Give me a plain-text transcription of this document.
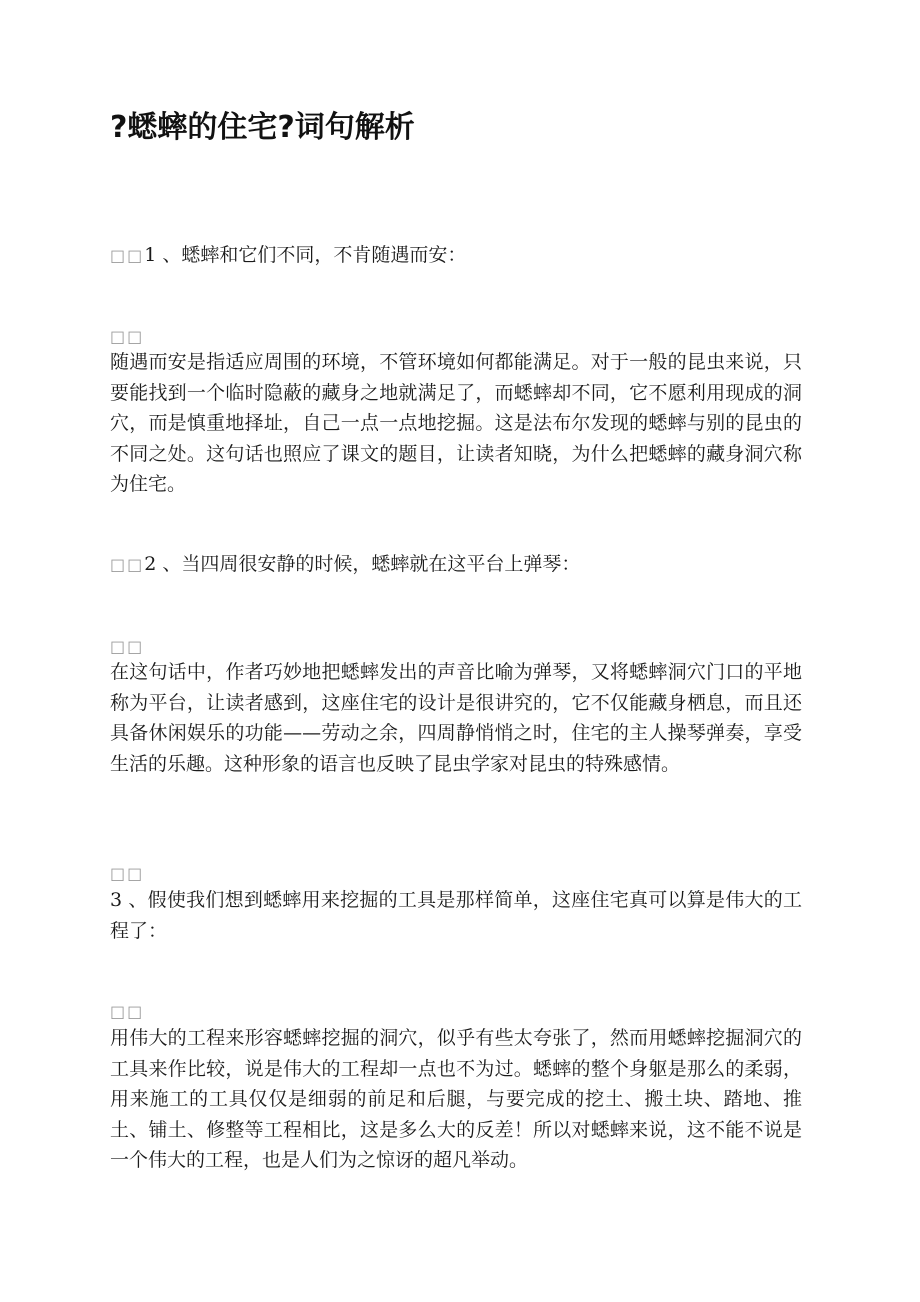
?蟋蟀的住宅?词句解析

□□1 、蟋蟀和它们不同，不肯随遇而安：

□□

随遇而安是指适应周围的环境，不管环境如何都能满足。对于一般的昆虫来说，只要能找到一个临时隐蔽的藏身之地就满足了，而蟋蟀却不同，它不愿利用现成的洞穴，而是慎重地择址，自己一点一点地挖掘。这是法布尔发现的蟋蟀与别的昆虫的不同之处。这句话也照应了课文的题目，让读者知晓，为什么把蟋蟀的藏身洞穴称为住宅。

□□2 、当四周很安静的时候，蟋蟀就在这平台上弹琴：

□□

在这句话中，作者巧妙地把蟋蟀发出的声音比喻为弹琴，又将蟋蟀洞穴门口的平地称为平台，让读者感到，这座住宅的设计是很讲究的，它不仅能藏身栖息，而且还具备休闲娱乐的功能——劳动之余，四周静悄悄之时，住宅的主人操琴弹奏，享受生活的乐趣。这种形象的语言也反映了昆虫学家对昆虫的特殊感情。

□□

3 、假使我们想到蟋蟀用来挖掘的工具是那样简单，这座住宅真可以算是伟大的工程了：

□□

用伟大的工程来形容蟋蟀挖掘的洞穴，似乎有些太夸张了，然而用蟋蟀挖掘洞穴的工具来作比较，说是伟大的工程却一点也不为过。蟋蟀的整个身躯是那么的柔弱，用来施工的工具仅仅是细弱的前足和后腿，与要完成的挖土、搬土块、踏地、推土、铺土、修整等工程相比，这是多么大的反差！所以对蟋蟀来说，这不能不说是一个伟大的工程，也是人们为之惊讶的超凡举动。
